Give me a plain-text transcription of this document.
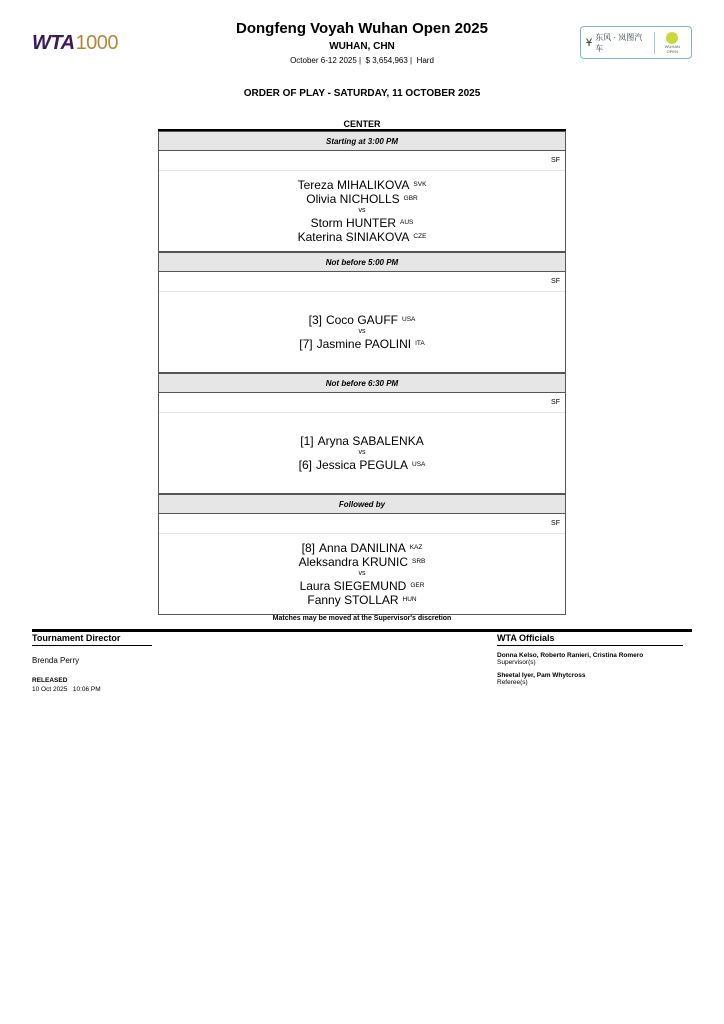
WTA1000
Dongfeng Voyah Wuhan Open 2025
WUHAN, CHN
October 6-12 2025 |  $ 3,654,963 |  Hard
Ұ 东风 · 岚图汽车	WUHAN OPEN
ORDER OF PLAY - SATURDAY, 11 OCTOBER 2025
CENTER
Starting at 3:00 PM
SF
Tereza MIHALIKOVA $^{SVK}$
Olivia NICHOLLS $^{GBR}$
vs
Storm HUNTER $^{AUS}$
Katerina SINIAKOVA $^{CZE}$
Not before 5:00 PM
SF
[3] Coco GAUFF $^{USA}$
vs
[7] Jasmine PAOLINI $^{ITA}$
Not before 6:30 PM
SF
[1] Aryna SABALENKA
vs
[6] Jessica PEGULA $^{USA}$
Followed by
SF
[8] Anna DANILINA $^{KAZ}$
Aleksandra KRUNIC $^{SRB}$
vs
Laura SIEGEMUND $^{GER}$
Fanny STOLLAR $^{HUN}$
Matches may be moved at the Supervisor's discretion
Tournament Director
Brenda Perry
RELEASED
10 Oct 2025 10:06 PM
WTA Officials
Donna Kelso, Roberto Ranieri, Cristina Romero
Supervisor(s)
Sheetal Iyer, Pam Whytcross
Referee(s)
